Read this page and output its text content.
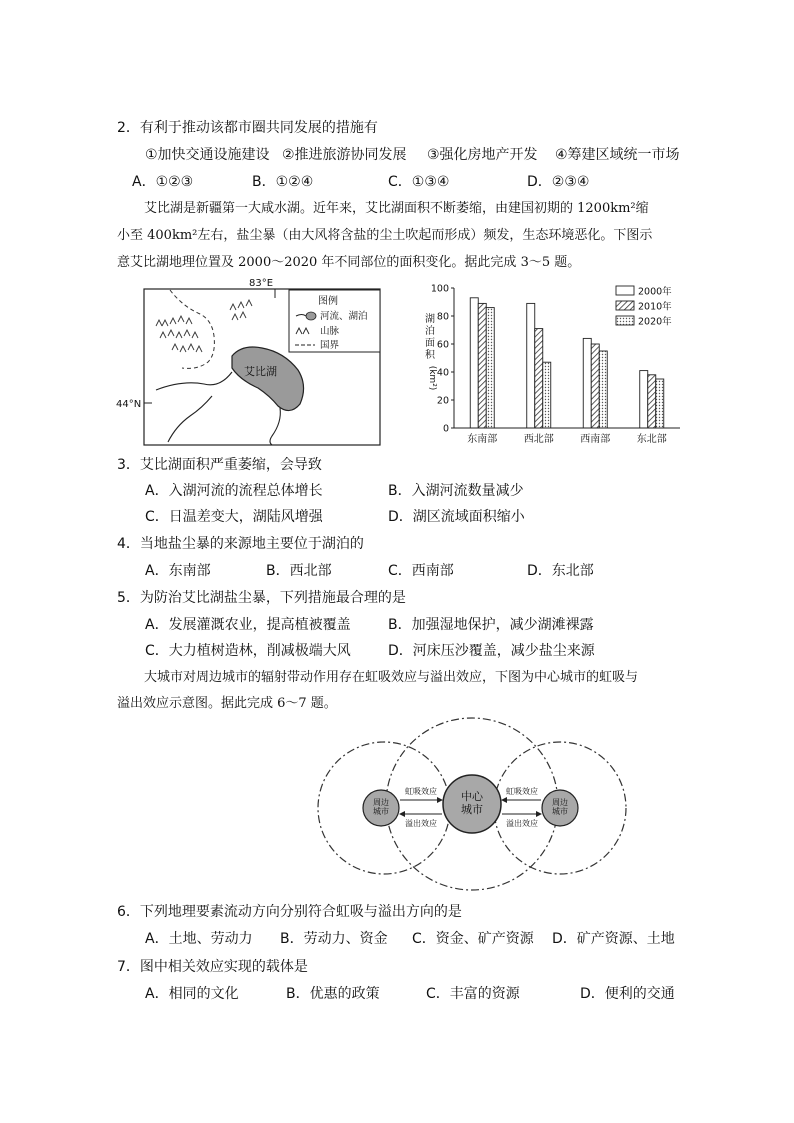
2．有利于推动该都市圈共同发展的措施有
①加快交通设施建设 ②推进旅游协同发展 ③强化房地产开发 ④筹建区域统一市场
A．①②③	B．①②④	C．①③④	D．②③④
艾比湖是新疆第一大咸水湖。近年来，艾比湖面积不断萎缩，由建国初期的 1200km²缩
小至 400km²左右，盐尘暴（由大风将含盐的尘土吹起而形成）频发，生态环境恶化。下图示
意艾比湖地理位置及 2000～2020 年不同部位的面积变化。据此完成 3～5 题。
83°E
44°N
艾比湖
图例
河流、湖泊
山脉
国界
湖
泊
面
积
(km²)
0
20
40
60
80
100
东南部	西北部	西南部	东北部
2000年
2010年
2020年
3．艾比湖面积严重萎缩，会导致
A．入湖河流的流程总体增长	B．入湖河流数量减少
C．日温差变大，湖陆风增强	D．湖区流域面积缩小
4．当地盐尘暴的来源地主要位于湖泊的
A．东南部	B．西北部	C．西南部	D．东北部
5．为防治艾比湖盐尘暴，下列措施最合理的是
A．发展灌溉农业，提高植被覆盖	B．加强湿地保护，减少湖滩裸露
C．大力植树造林，削减极端大风	D．河床压沙覆盖，减少盐尘来源
大城市对周边城市的辐射带动作用存在虹吸效应与溢出效应，下图为中心城市的虹吸与
溢出效应示意图。据此完成 6～7 题。
中心城市
周边城市
周边城市
虹吸效应
溢出效应
虹吸效应
溢出效应
6．下列地理要素流动方向分别符合虹吸与溢出方向的是
A．土地、劳动力 B．劳动力、资金 C．资金、矿产资源 D．矿产资源、土地
7．图中相关效应实现的载体是
A．相同的文化	B．优惠的政策	C．丰富的资源	D．便利的交通
